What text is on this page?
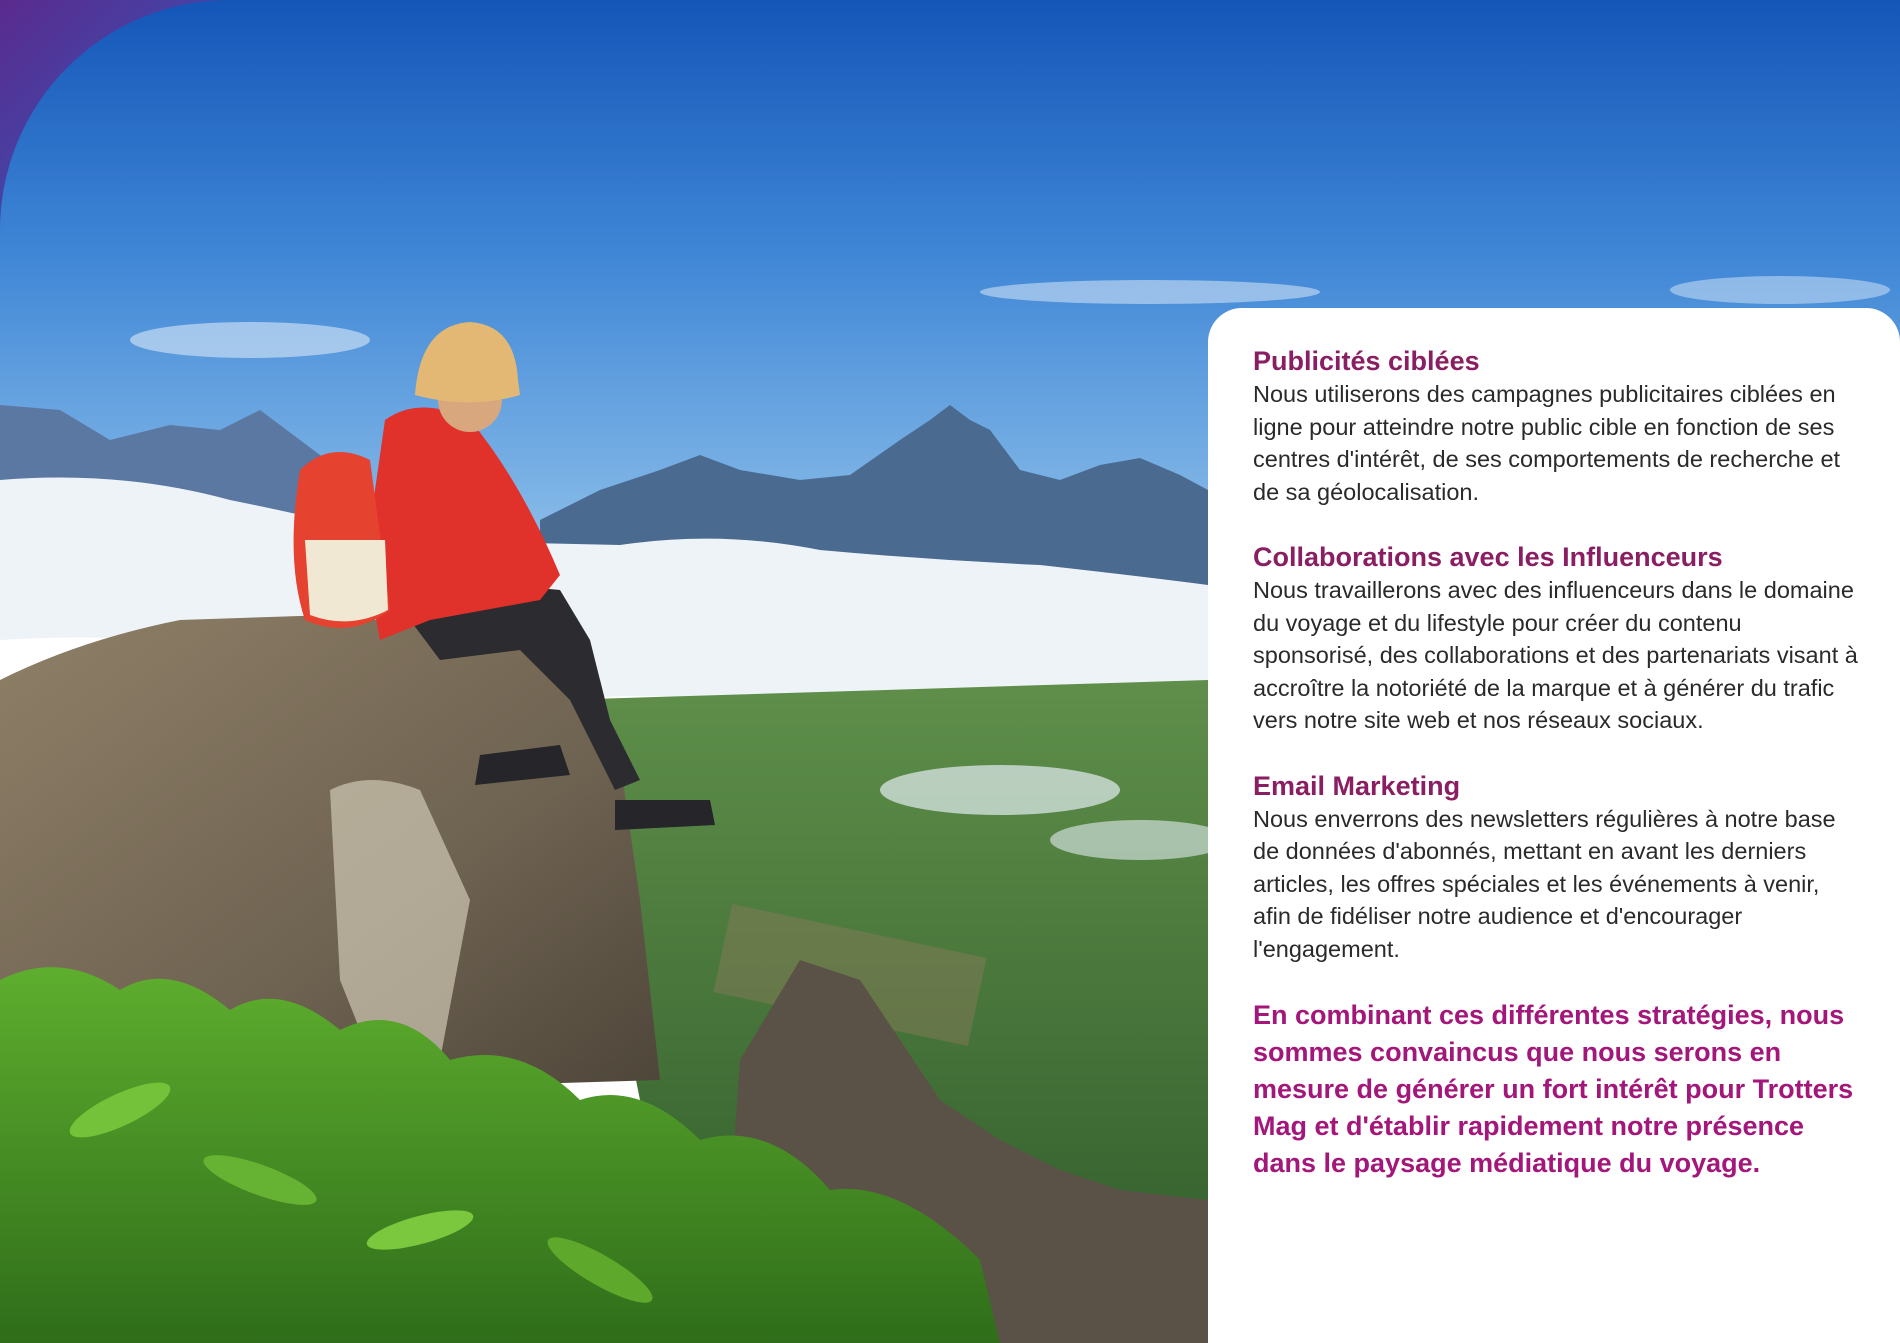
Publicités ciblées

Nous utiliserons des campagnes publicitaires ciblées en ligne pour atteindre notre public cible en fonction de ses centres d'intérêt, de ses comportements de recherche et de sa géolocalisation.

Collaborations avec les Influenceurs

Nous travaillerons avec des influenceurs dans le domaine du voyage et du lifestyle pour créer du contenu sponsorisé, des collaborations et des partenariats visant à accroître la notoriété de la marque et à générer du trafic vers notre site web et nos réseaux sociaux.

Email Marketing

Nous enverrons des newsletters régulières à notre base de données d'abonnés, mettant en avant les derniers articles, les offres spéciales et les événements à venir, afin de fidéliser notre audience et d'encourager l'engagement.

En combinant ces différentes stratégies, nous sommes convaincus que nous serons en mesure de générer un fort intérêt pour Trotters Mag et d'établir rapidement notre présence dans le paysage médiatique du voyage.
